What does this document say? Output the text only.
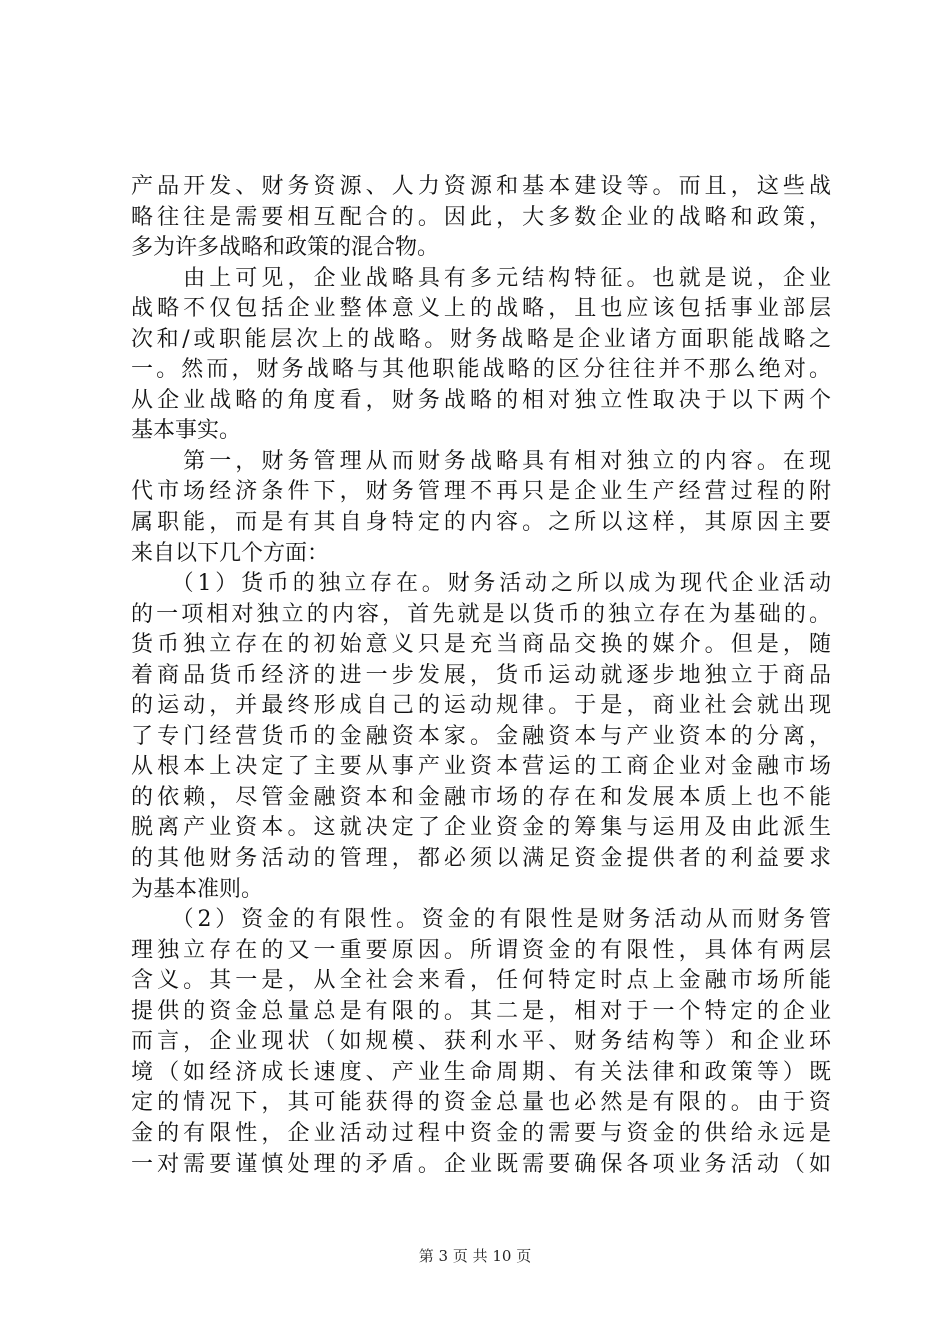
产品开发、财务资源、人力资源和基本建设等。而且，这些战
略往往是需要相互配合的。因此，大多数企业的战略和政策，
多为许多战略和政策的混合物。
　　由上可见，企业战略具有多元结构特征。也就是说，企业
战略不仅包括企业整体意义上的战略，且也应该包括事业部层
次和/或职能层次上的战略。财务战略是企业诸方面职能战略之
一。然而，财务战略与其他职能战略的区分往往并不那么绝对。
从企业战略的角度看，财务战略的相对独立性取决于以下两个
基本事实。
　　第一，财务管理从而财务战略具有相对独立的内容。在现
代市场经济条件下，财务管理不再只是企业生产经营过程的附
属职能，而是有其自身特定的内容。之所以这样，其原因主要
来自以下几个方面：
　　（1）货币的独立存在。财务活动之所以成为现代企业活动
的一项相对独立的内容，首先就是以货币的独立存在为基础的。
货币独立存在的初始意义只是充当商品交换的媒介。但是，随
着商品货币经济的进一步发展，货币运动就逐步地独立于商品
的运动，并最终形成自己的运动规律。于是，商业社会就出现
了专门经营货币的金融资本家。金融资本与产业资本的分离，
从根本上决定了主要从事产业资本营运的工商企业对金融市场
的依赖，尽管金融资本和金融市场的存在和发展本质上也不能
脱离产业资本。这就决定了企业资金的筹集与运用及由此派生
的其他财务活动的管理，都必须以满足资金提供者的利益要求
为基本准则。
　　（2）资金的有限性。资金的有限性是财务活动从而财务管
理独立存在的又一重要原因。所谓资金的有限性，具体有两层
含义。其一是，从全社会来看，任何特定时点上金融市场所能
提供的资金总量总是有限的。其二是，相对于一个特定的企业
而言，企业现状（如规模、获利水平、财务结构等）和企业环
境（如经济成长速度、产业生命周期、有关法律和政策等）既
定的情况下，其可能获得的资金总量也必然是有限的。由于资
金的有限性，企业活动过程中资金的需要与资金的供给永远是
一对需要谨慎处理的矛盾。企业既需要确保各项业务活动（如
第 3 页 共 10 页
